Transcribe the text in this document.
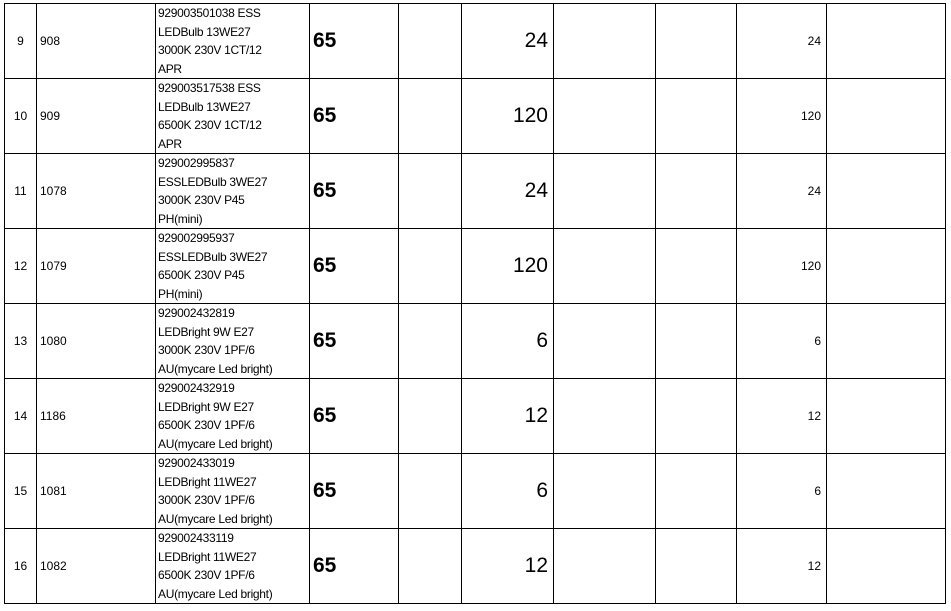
9	908	929003501038 ESS
LEDBulb 13WE27
3000K 230V 1CT/12
APR	65		24			24	
10	909	929003517538 ESS
LEDBulb 13WE27
6500K 230V 1CT/12
APR	65		120			120	
11	1078	929002995837
ESSLEDBulb 3WE27
3000K 230V P45
PH(mini)	65		24			24	
12	1079	929002995937
ESSLEDBulb 3WE27
6500K 230V P45
PH(mini)	65		120			120	
13	1080	929002432819
LEDBright 9W E27
3000K 230V 1PF/6
AU(mycare Led bright)	65		6			6	
14	1186	929002432919
LEDBright 9W E27
6500K 230V 1PF/6
AU(mycare Led bright)	65		12			12	
15	1081	929002433019
LEDBright 11WE27
3000K 230V 1PF/6
AU(mycare Led bright)	65		6			6	
16	1082	929002433119
LEDBright 11WE27
6500K 230V 1PF/6
AU(mycare Led bright)	65		12			12	
